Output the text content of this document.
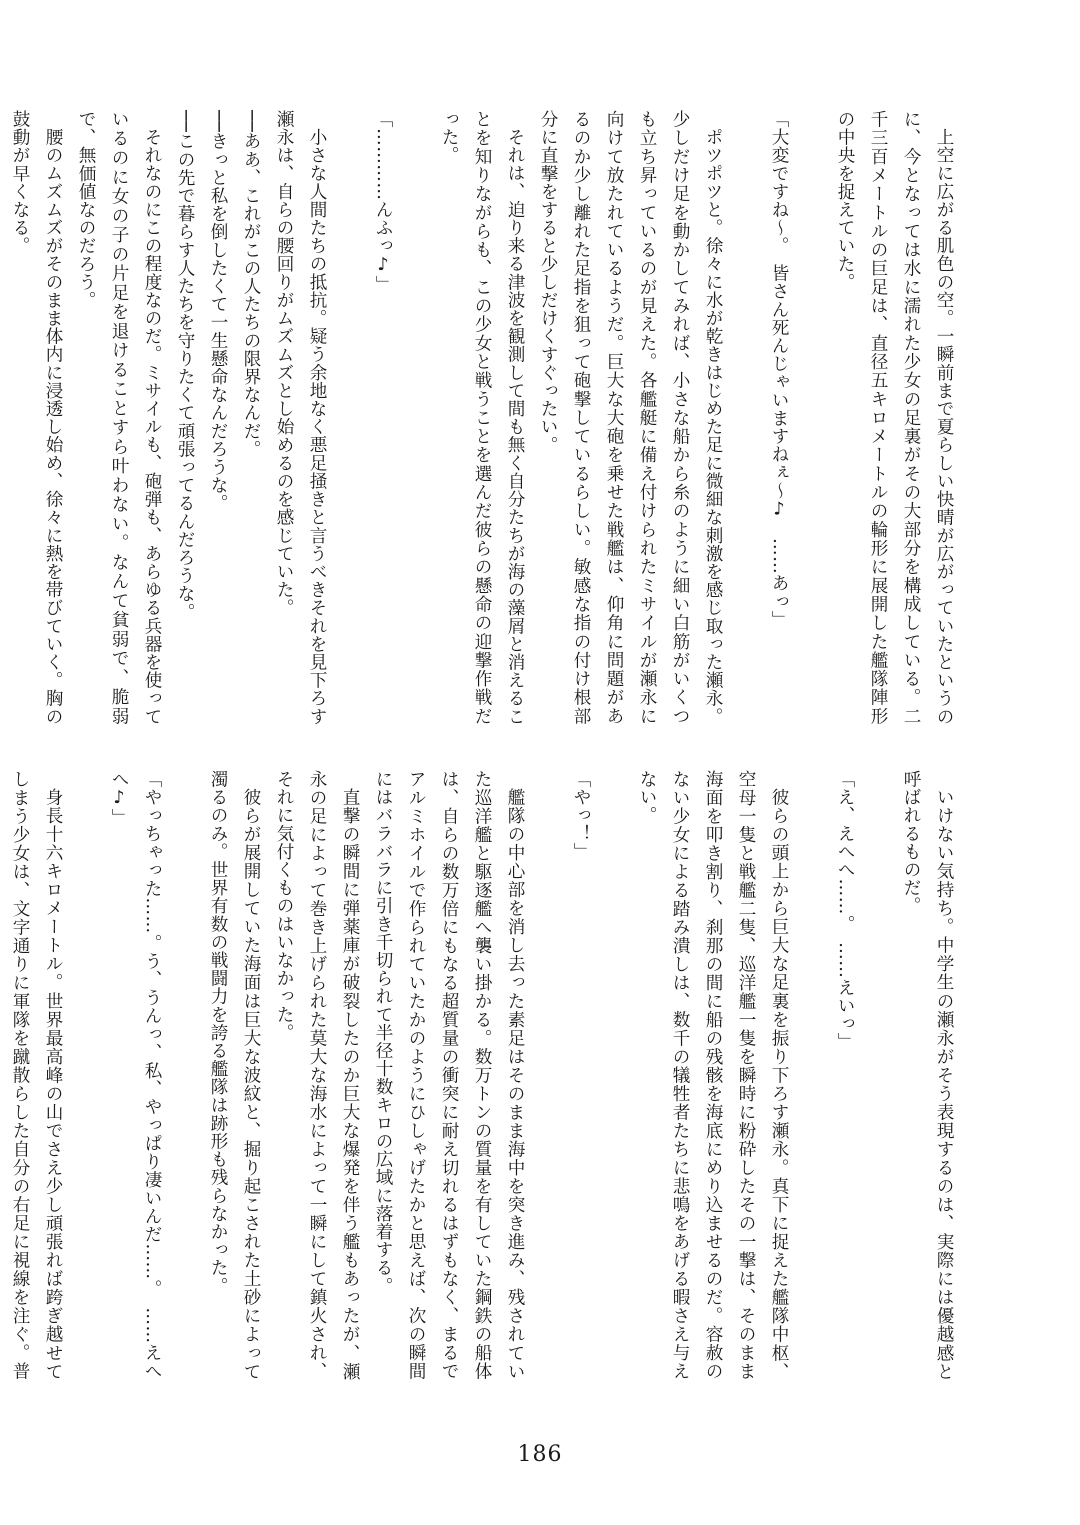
上空に広がる肌色の空。一瞬前まで夏らしい快晴が広がっていたというのに、今となっては水に濡れた少女の足裏がその大部分を構成している。二千三百メートルの巨足は、直径五キロメートルの輪形に展開した艦隊陣形の中央を捉えていた。

「大変ですね〜。　皆さん死んじゃいますねぇ〜♪　……あっ」

ポツポツと。徐々に水が乾きはじめた足に微細な刺激を感じ取った瀬永。少しだけ足を動かしてみれば、小さな船から糸のように細い白筋がいくつも立ち昇っているのが見えた。各艦艇に備え付けられたミサイルが瀬永に向けて放たれているようだ。巨大な大砲を乗せた戦艦は、仰角に問題があるのか少し離れた足指を狙って砲撃しているらしい。敏感な指の付け根部分に直撃をすると少しだけくすぐったい。

それは、迫り来る津波を観測して間も無く自分たちが海の藻屑と消えることを知りながらも、この少女と戦うことを選んだ彼らの懸命の迎撃作戦だった。

「…………んふっ♪」

小さな人間たちの抵抗。疑う余地なく悪足掻きと言うべきそれを見下ろす瀬永は、自らの腰回りがムズムズとし始めるのを感じていた。

──ああ、これがこの人たちの限界なんだ。

──きっと私を倒したくて一生懸命なんだろうな。

──この先で暮らす人たちを守りたくて頑張ってるんだろうな。

それなのにこの程度なのだ。ミサイルも、砲弾も、あらゆる兵器を使っているのに女の子の片足を退けることすら叶わない。なんて貧弱で、脆弱で、無価値なのだろう。

腰のムズムズがそのまま体内に浸透し始め、徐々に熱を帯びていく。胸の鼓動が早くなる。

いけない気持ち。中学生の瀬永がそう表現するのは、実際には優越感と呼ばれるものだ。

「え、えへへ……。　……えいっ」

彼らの頭上から巨大な足裏を振り下ろす瀬永。真下に捉えた艦隊中枢、空母一隻と戦艦二隻、巡洋艦一隻を瞬時に粉砕したその一撃は、そのまま海面を叩き割り、刹那の間に船の残骸を海底にめり込ませるのだ。容赦のない少女による踏み潰しは、数千の犠牲者たちに悲鳴をあげる暇さえ与えない。

「やっ！」

艦隊の中心部を消し去った素足はそのまま海中を突き進み、残されていた巡洋艦と駆逐艦へ襲い掛かる。数万トンの質量を有していた鋼鉄の船体は、自らの数万倍にもなる超質量の衝突に耐え切れるはずもなく、まるでアルミホイルで作られていたかのようにひしゃげたかと思えば、次の瞬間にはバラバラに引き千切られて半径十数キロの広域に落着する。

直撃の瞬間に弾薬庫が破裂したのか巨大な爆発を伴う艦もあったが、瀬永の足によって巻き上げられた莫大な海水によって一瞬にして鎮火され、それに気付くものはいなかった。

彼らが展開していた海面は巨大な波紋と、掘り起こされた土砂によって濁るのみ。世界有数の戦闘力を誇る艦隊は跡形も残らなかった。

「やっちゃった……。う、うんっ、私、やっぱり凄いんだ……。　……えへへ♪」

身長十六キロメートル。世界最高峰の山でさえ少し頑張れば跨ぎ越せてしまう少女は、文字通りに軍隊を蹴散らした自分の右足に視線を注ぐ。普

186
